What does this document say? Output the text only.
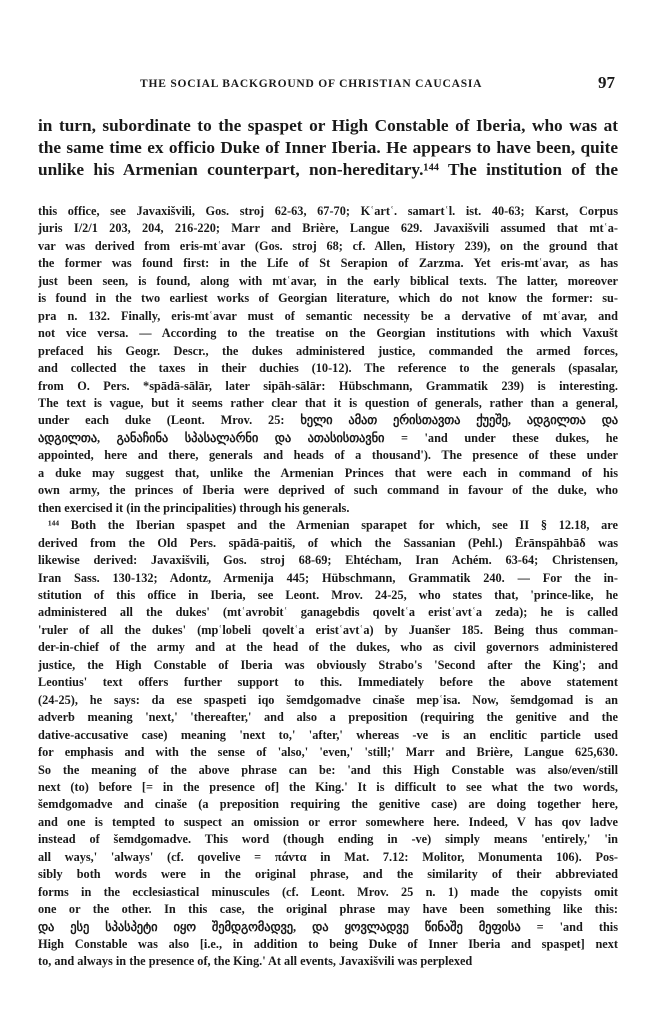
THE SOCIAL BACKGROUND OF CHRISTIAN CAUCASIA	97
in turn, subordinate to the spaspet or High Constable of Iberia, who was at
the same time ex officio Duke of Inner Iberia. He appears to have been, quite
unlike his Armenian counterpart, non-hereditary.¹⁴⁴ The institution of the
this office, see Javaxišvili, Gos. stroj 62-63, 67-70; Kʿartʿ. samartʿl. ist. 40-63; Karst, Corpus
juris I/2/1 203, 204, 216-220; Marr and Brière, Langue 629. Javaxišvili assumed that mtʿa-
var was derived from eris-mtʿavar (Gos. stroj 68; cf. Allen, History 239), on the ground that
the former was found first: in the Life of St Serapion of Zarzma. Yet eris-mtʿavar, as has
just been seen, is found, along with mtʿavar, in the early biblical texts. The latter, moreover
is found in the two earliest works of Georgian literature, which do not know the former: su-
pra n. 132. Finally, eris-mtʿavar must of semantic necessity be a dervative of mtʿavar, and
not vice versa. — According to the treatise on the Georgian institutions with which Vaxušt
prefaced his Geogr. Descr., the dukes administered justice, commanded the armed forces,
and collected the taxes in their duchies (10-12). The reference to the generals (spasalar,
from O. Pers. *spādā-sālār, later sipāh-sālār: Hübschmann, Grammatik 239) is interesting.
The text is vague, but it seems rather clear that it is question of generals, rather than a general,
under each duke (Leont. Mrov. 25: ხელი ამათ ერისთავთა ქუეშე, ადგილთა და
ადგილთა, განაჩინა სპასალარნი და ათასისთავნი = 'and under these dukes, he
appointed, here and there, generals and heads of a thousand'). The presence of these under
a duke may suggest that, unlike the Armenian Princes that were each in command of his
own army, the princes of Iberia were deprived of such command in favour of the duke, who
then exercised it (in the principalities) through his generals.
¹⁴⁴ Both the Iberian spaspet and the Armenian sparapet for which, see II § 12.18, are
derived from the Old Pers. spādā-paitiš, of which the Sassanian (Pehl.) Ērānspāhbāδ was
likewise derived: Javaxišvili, Gos. stroj 68-69; Ehtécham, Iran Achém. 63-64; Christensen,
Iran Sass. 130-132; Adontz, Armenija 445; Hübschmann, Grammatik 240. — For the in-
stitution of this office in Iberia, see Leont. Mrov. 24-25, who states that, 'prince-like, he
administered all the dukes' (mtʿavrobitʿ ganagebdis qoveltʿa eristʿavtʿa zeda); he is called
'ruler of all the dukes' (mpʿlobeli qoveltʿa eristʿavtʿa) by Juanšer 185. Being thus comman-
der-in-chief of the army and at the head of the dukes, who as civil governors administered
justice, the High Constable of Iberia was obviously Strabo's 'Second after the King'; and
Leontius' text offers further support to this. Immediately before the above statement
(24-25), he says: da ese spaspeti iqo šemdgomadve cinaše mepʿisa. Now, šemdgomad is an
adverb meaning 'next,' 'thereafter,' and also a preposition (requiring the genitive and the
dative-accusative case) meaning 'next to,' 'after,' whereas -ve is an enclitic particle used
for emphasis and with the sense of 'also,' 'even,' 'still;' Marr and Brière, Langue 625,630.
So the meaning of the above phrase can be: 'and this High Constable was also/even/still
next (to) before [= in the presence of] the King.' It is difficult to see what the two words,
šemdgomadve and cinaše (a preposition requiring the genitive case) are doing together here,
and one is tempted to suspect an omission or error somewhere here. Indeed, V has qov ladve
instead of šemdgomadve. This word (though ending in -ve) simply means 'entirely,' 'in
all ways,' 'always' (cf. qovelive = πάντα in Mat. 7.12: Molitor, Monumenta 106). Pos-
sibly both words were in the original phrase, and the similarity of their abbreviated
forms in the ecclesiastical minuscules (cf. Leont. Mrov. 25 n. 1) made the copyists omit
one or the other. In this case, the original phrase may have been something like this:
და ესე სპასპეტი იყო შემდგომადვე, და ყოვლადვე წინაშე მეფისა = 'and this
High Constable was also [i.e., in addition to being Duke of Inner Iberia and spaspet] next
to, and always in the presence of, the King.' At all events, Javaxišvili was perplexed
